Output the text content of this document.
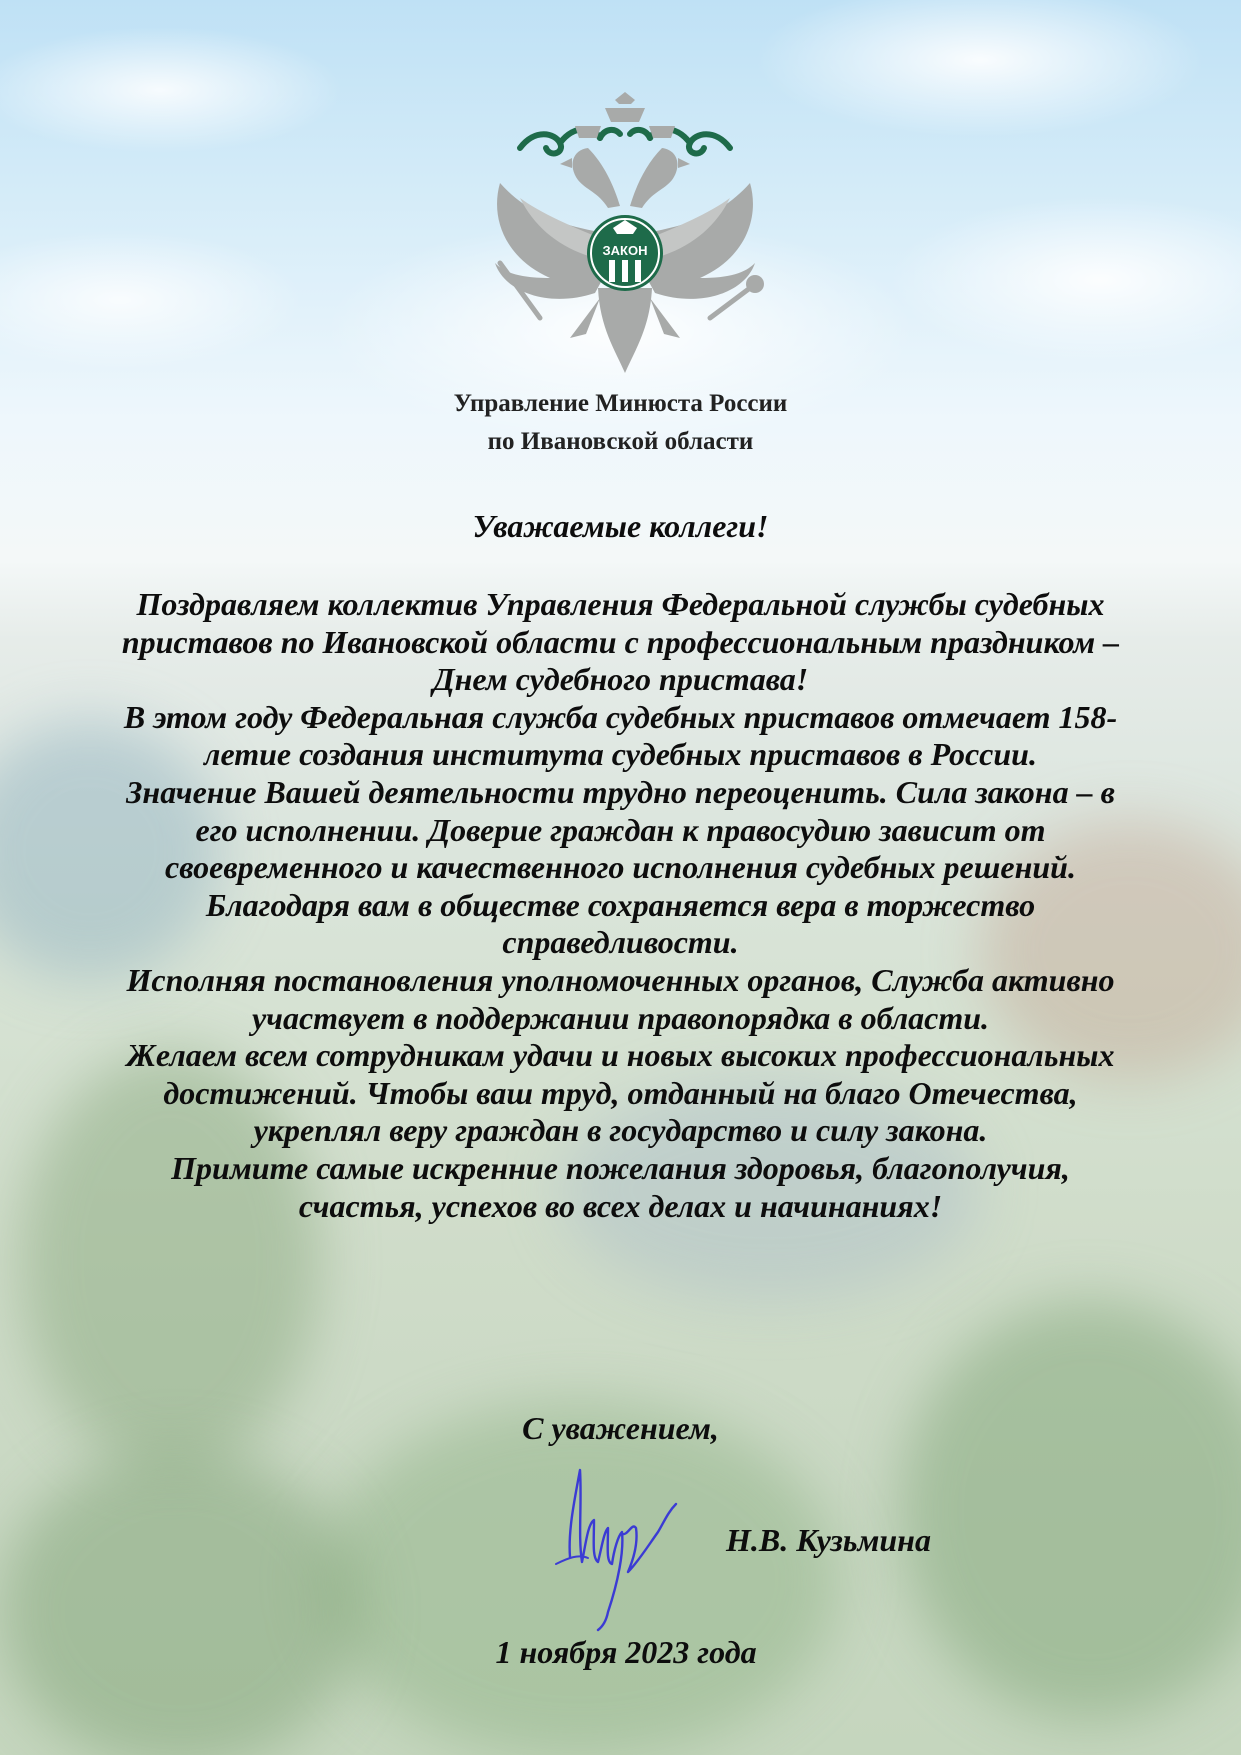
ЗАКОН
Управление Минюста России
по Ивановской области
Уважаемые коллеги!

Поздравляем коллектив Управления Федеральной службы судебных приставов по Ивановской области с профессиональным праздником – Днем судебного пристава!

В этом году Федеральная служба судебных приставов отмечает 158-летие создания института судебных приставов в России.

Значение Вашей деятельности трудно переоценить. Сила закона – в его исполнении. Доверие граждан к правосудию зависит от своевременного и качественного исполнения судебных решений. Благодаря вам в обществе сохраняется вера в торжество справедливости.

Исполняя постановления уполномоченных органов, Служба активно участвует в поддержании правопорядка в области.

Желаем всем сотрудникам удачи и новых высоких профессиональных достижений. Чтобы ваш труд, отданный на благо Отечества, укреплял веру граждан в государство и силу закона.

Примите самые искренние пожелания здоровья, благополучия, счастья, успехов во всех делах и начинаниях!

С уважением,
Н.В. Кузьмина
1 ноября 2023 года
